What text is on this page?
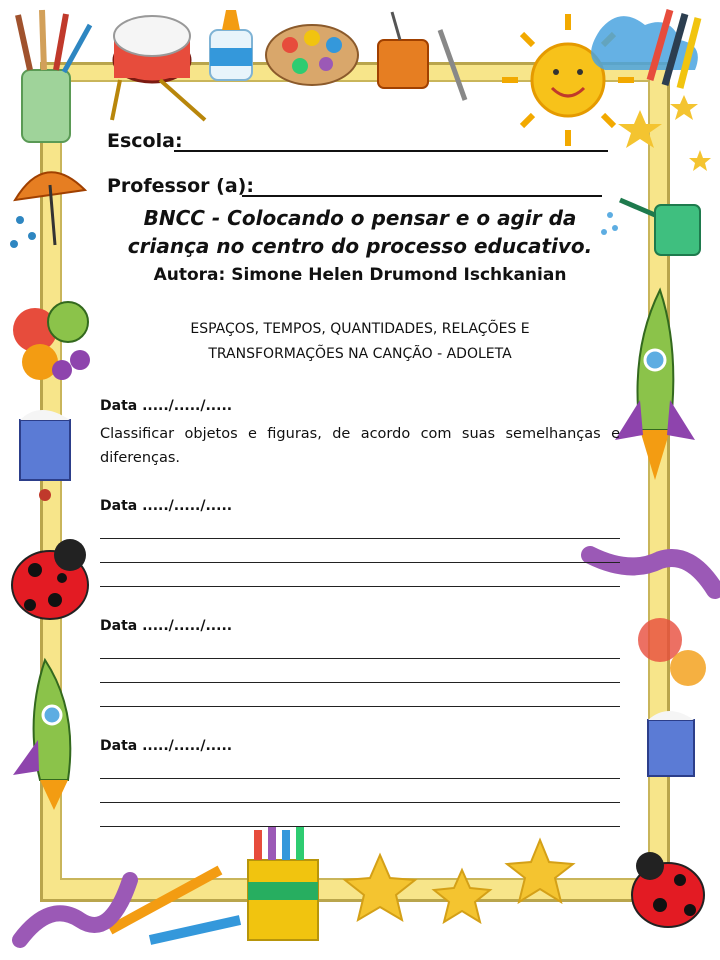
Escola:
Professor (a):
BNCC - Colocando o pensar e o agir da
criança no centro do processo educativo.
Autora: Simone Helen Drumond Ischkanian
ESPAÇOS, TEMPOS, QUANTIDADES, RELAÇÕES E
TRANSFORMAÇÕES NA CANÇÃO - ADOLETA
Data ...../...../.....
Classificar objetos e figuras, de acordo com suas semelhanças e diferenças.
Data ...../...../.....
Data ...../...../.....
Data ...../...../.....
